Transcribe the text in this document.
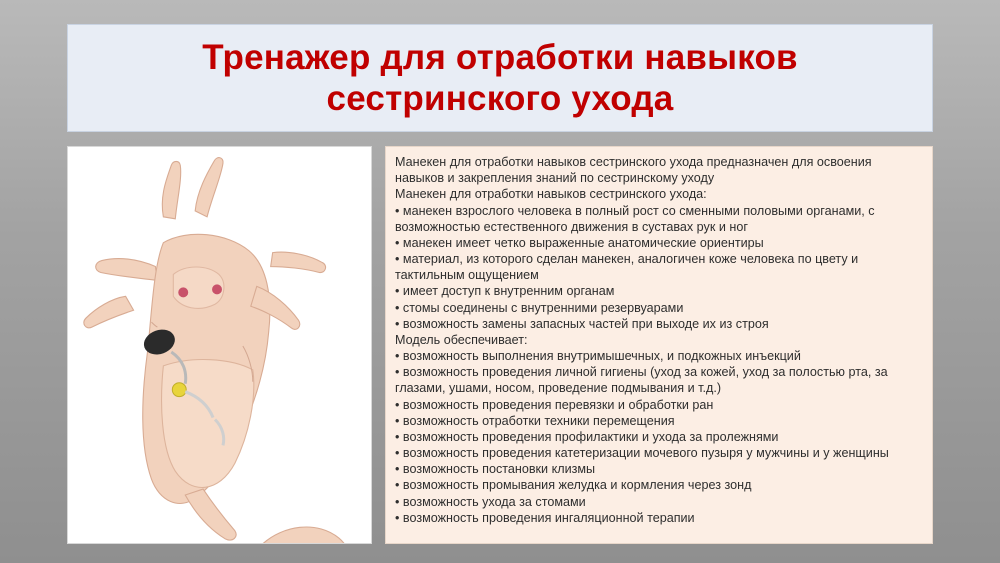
Тренажер для отработки навыков сестринского ухода

Манекен для отработки навыков сестринского ухода предназначен для освоения навыков и закрепления знаний по сестринскому уходу

Манекен для отработки навыков сестринского ухода:

• манекен взрослого человека в полный рост со сменными половыми органами, с возможностью естественного движения в суставах рук и ног

• манекен имеет четко выраженные анатомические ориентиры

• материал, из которого сделан манекен, аналогичен коже человека по цвету и тактильным ощущением

• имеет доступ к внутренним органам

• стомы соединены с внутренними резервуарами

• возможность замены запасных частей при выходе их из строя

Модель обеспечивает:

• возможность выполнения внутримышечных, и подкожных инъекций

• возможность проведения личной гигиены (уход за кожей, уход за полостью рта, за глазами, ушами, носом, проведение подмывания и т.д.)

• возможность проведения перевязки и обработки ран

• возможность отработки техники перемещения

• возможность проведения профилактики и ухода за пролежнями

• возможность проведения катетеризации мочевого пузыря у мужчины и у женщины

• возможность постановки клизмы

• возможность промывания желудка и кормления через зонд

• возможность ухода за стомами

• возможность проведения ингаляционной терапии
